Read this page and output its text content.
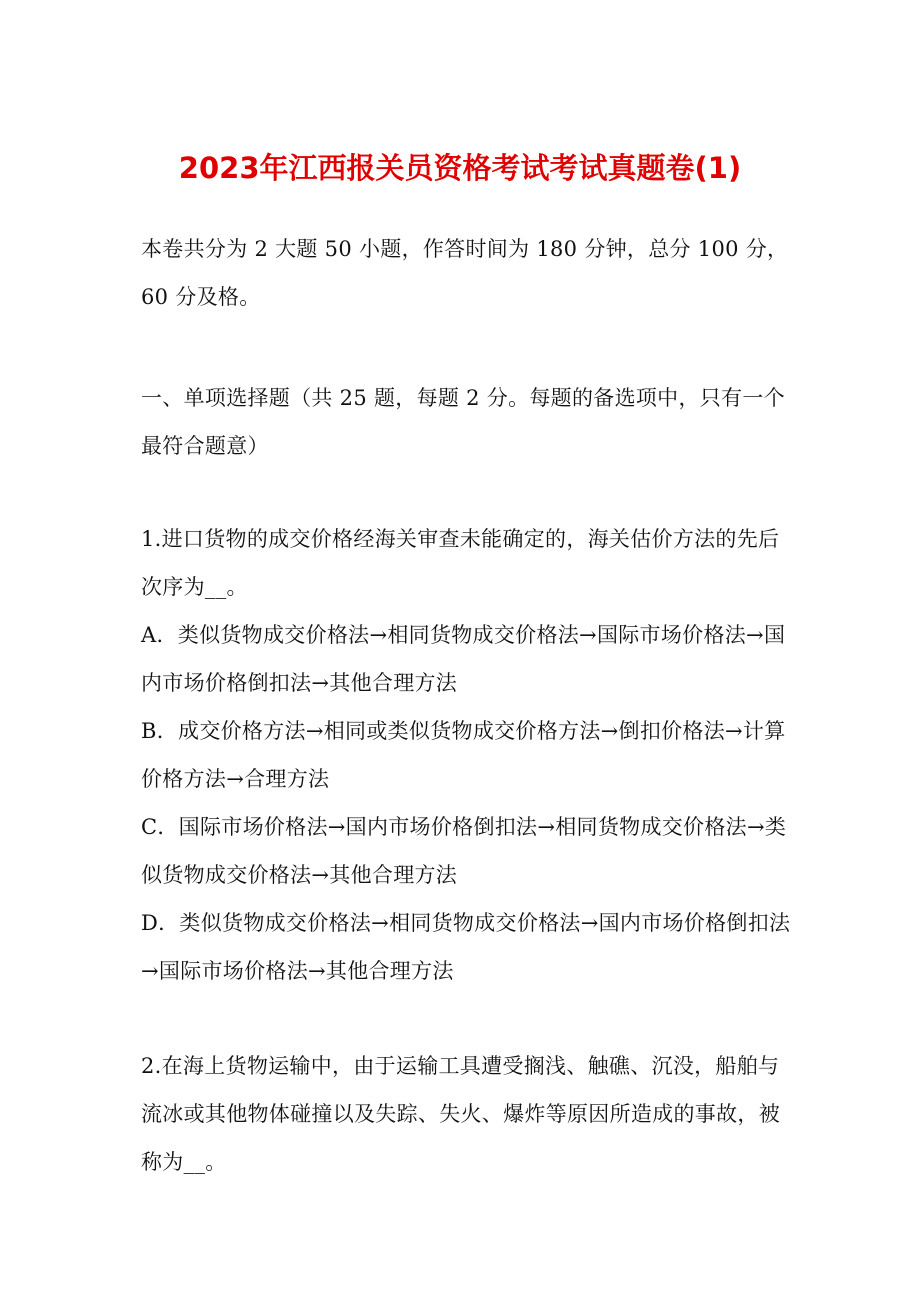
2023年江西报关员资格考试考试真题卷(1)
本卷共分为 2 大题 50 小题，作答时间为 180 分钟，总分 100 分，60 分及格。
一、单项选择题（共 25 题，每题 2 分。每题的备选项中，只有一个最符合题意）
1.进口货物的成交价格经海关审查未能确定的，海关估价方法的先后次序为__。
A．类似货物成交价格法→相同货物成交价格法→国际市场价格法→国内市场价格倒扣法→其他合理方法
B．成交价格方法→相同或类似货物成交价格方法→倒扣价格法→计算价格方法→合理方法
C．国际市场价格法→国内市场价格倒扣法→相同货物成交价格法→类似货物成交价格法→其他合理方法
D．类似货物成交价格法→相同货物成交价格法→国内市场价格倒扣法→国际市场价格法→其他合理方法
2.在海上货物运输中，由于运输工具遭受搁浅、触礁、沉没，船舶与流冰或其他物体碰撞以及失踪、失火、爆炸等原因所造成的事故，被称为__。
